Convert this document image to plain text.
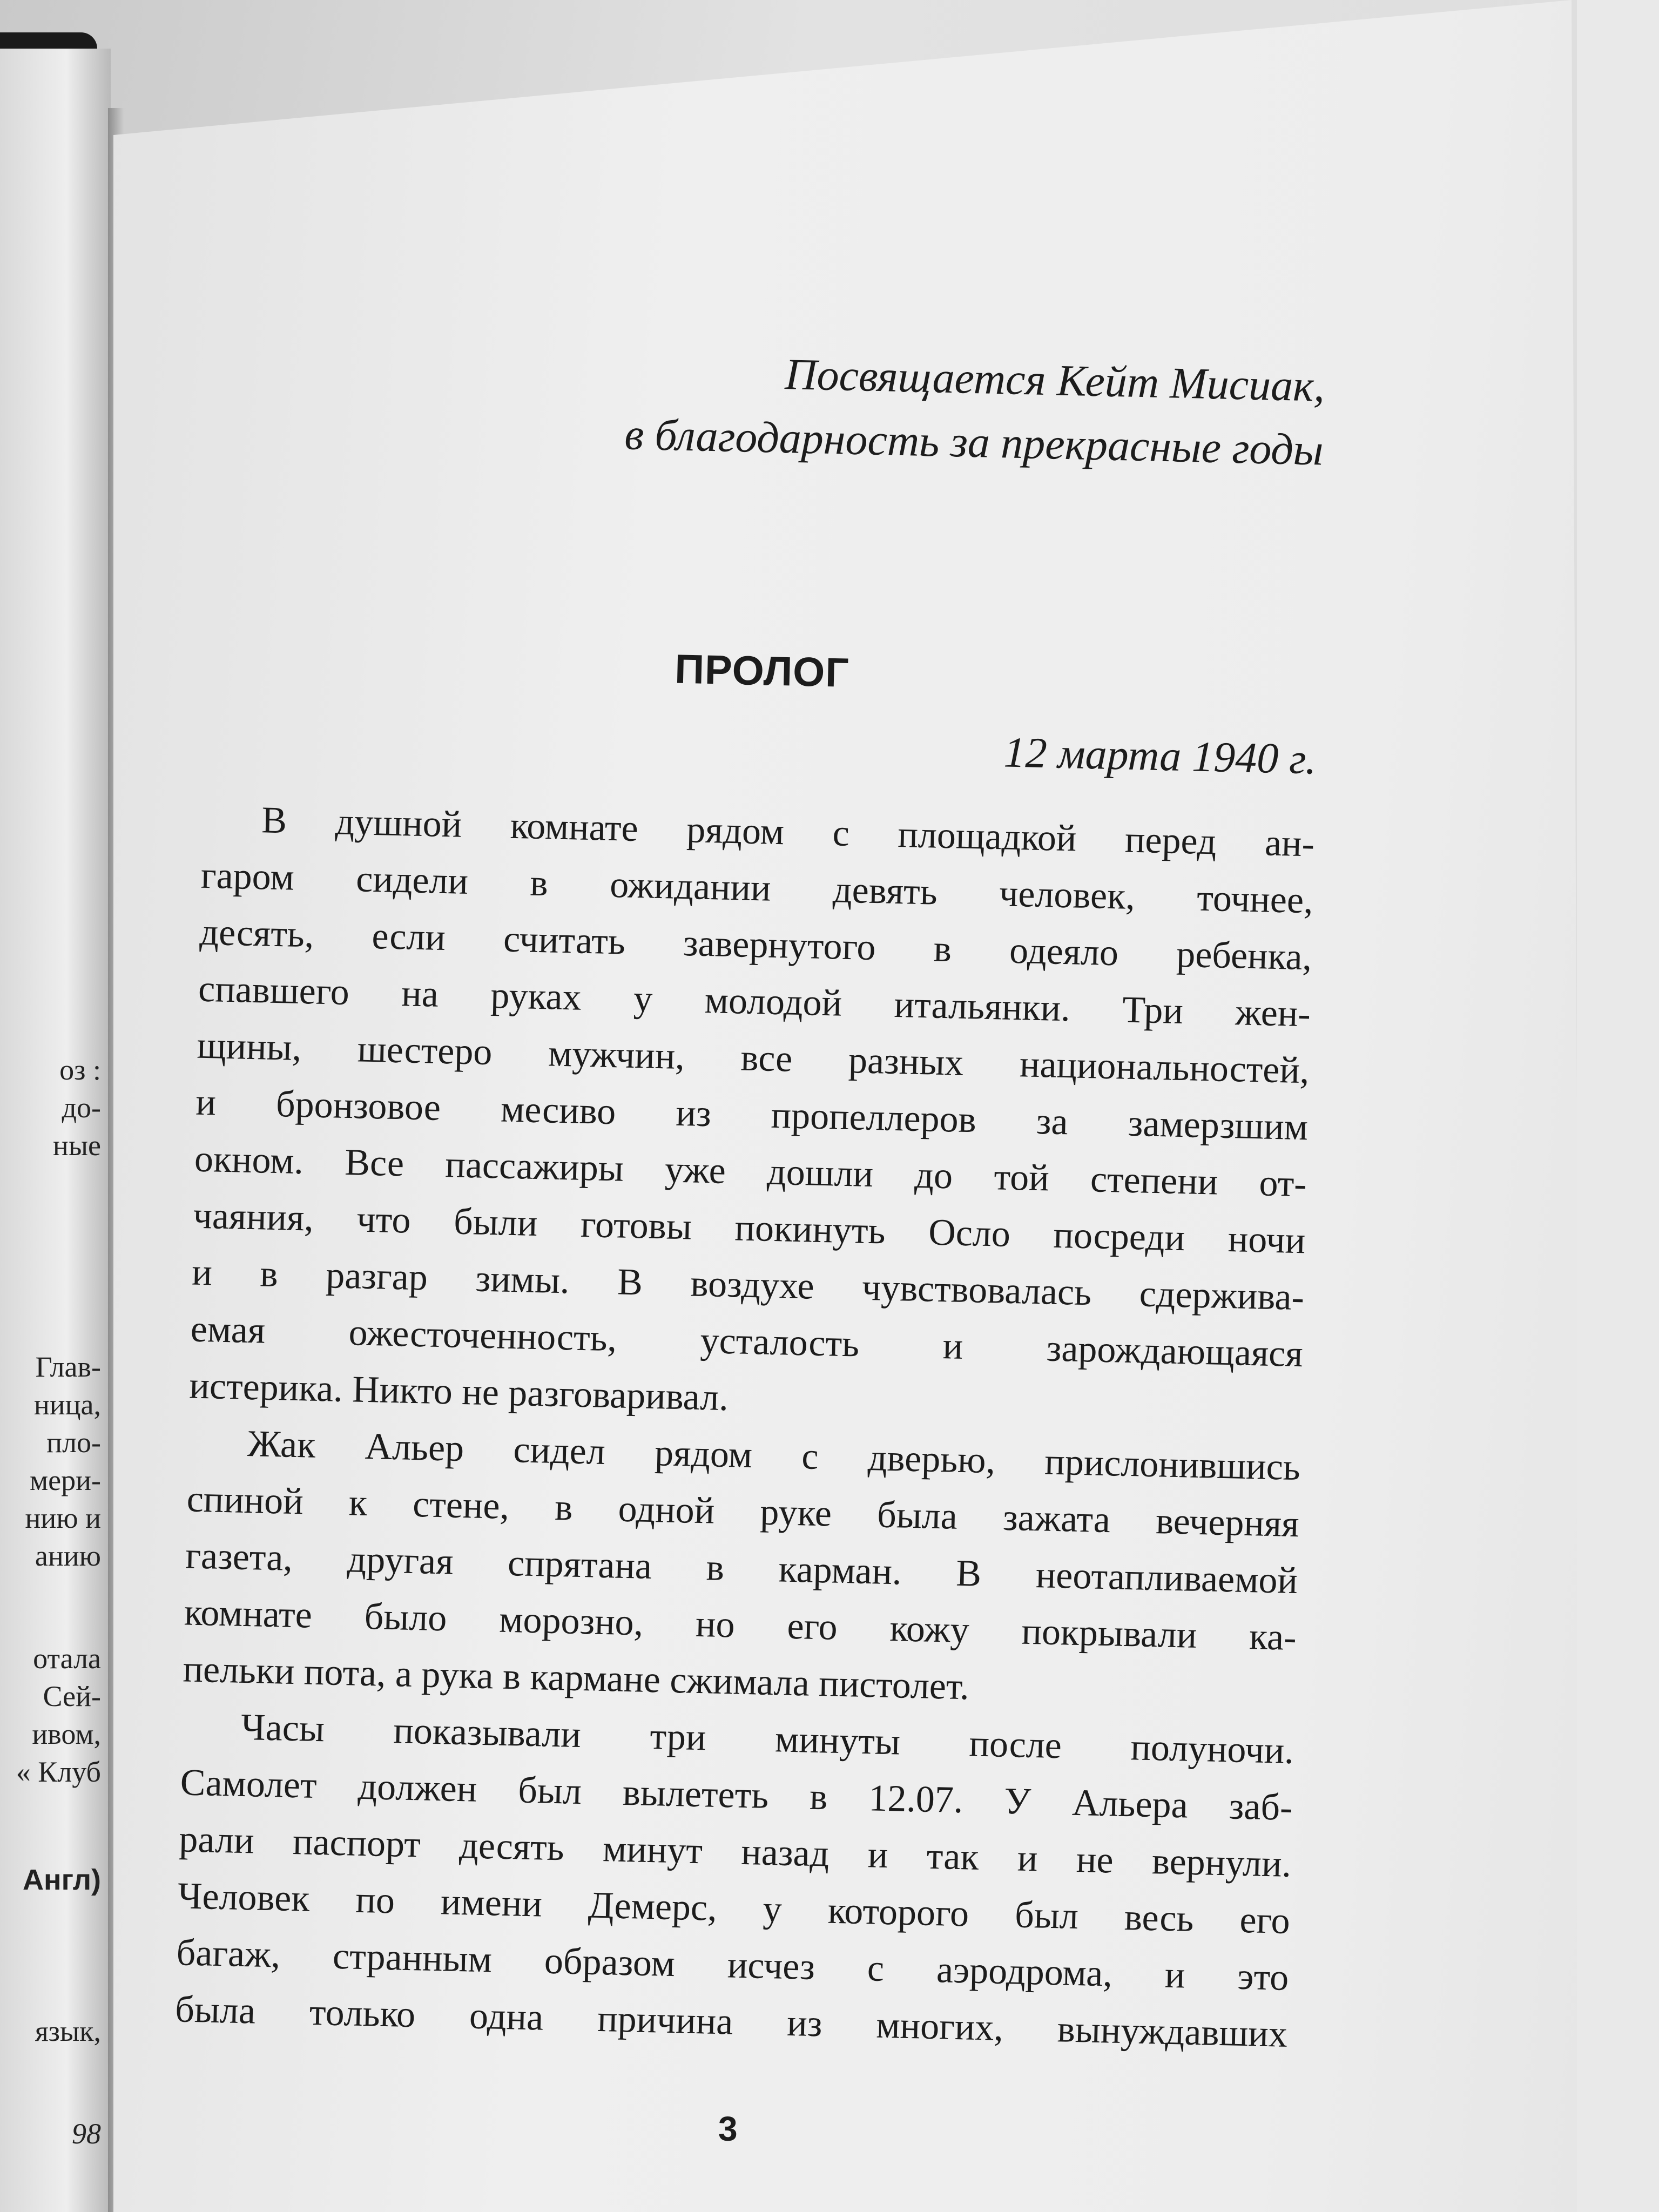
оз :
до-
ные
Глав-
ница,
пло-
мери-
нию и
анию
отала
Сей-
ивом,
« Клуб
Англ)
язык,
98
Посвящается Кейт Мисиак,
в благодарность за прекрасные годы
ПРОЛОГ
12 марта 1940 г.

В душной комнате рядом с площадкой перед ан-
гаром сидели в ожидании девять человек, точнее,
десять, если считать завернутого в одеяло ребенка,
спавшего на руках у молодой итальянки. Три жен-
щины, шестеро мужчин, все разных национальностей,
и бронзовое месиво из пропеллеров за замерзшим
окном. Все пассажиры уже дошли до той степени от-
чаяния, что были готовы покинуть Осло посреди ночи
и в разгар зимы. В воздухе чувствовалась сдержива-
емая ожесточенность, усталость и зарождающаяся
истерика. Никто не разговаривал.

Жак Альер сидел рядом с дверью, прислонившись
спиной к стене, в одной руке была зажата вечерняя
газета, другая спрятана в карман. В неотапливаемой
комнате было морозно, но его кожу покрывали ка-
пельки пота, а рука в кармане сжимала пистолет.

Часы показывали три минуты после полуночи.
Самолет должен был вылететь в 12.07. У Альера заб-
рали паспорт десять минут назад и так и не вернули.
Человек по имени Демерс, у которого был весь его
багаж, странным образом исчез с аэродрома, и это
была только одна причина из многих, вынуждавших

3
